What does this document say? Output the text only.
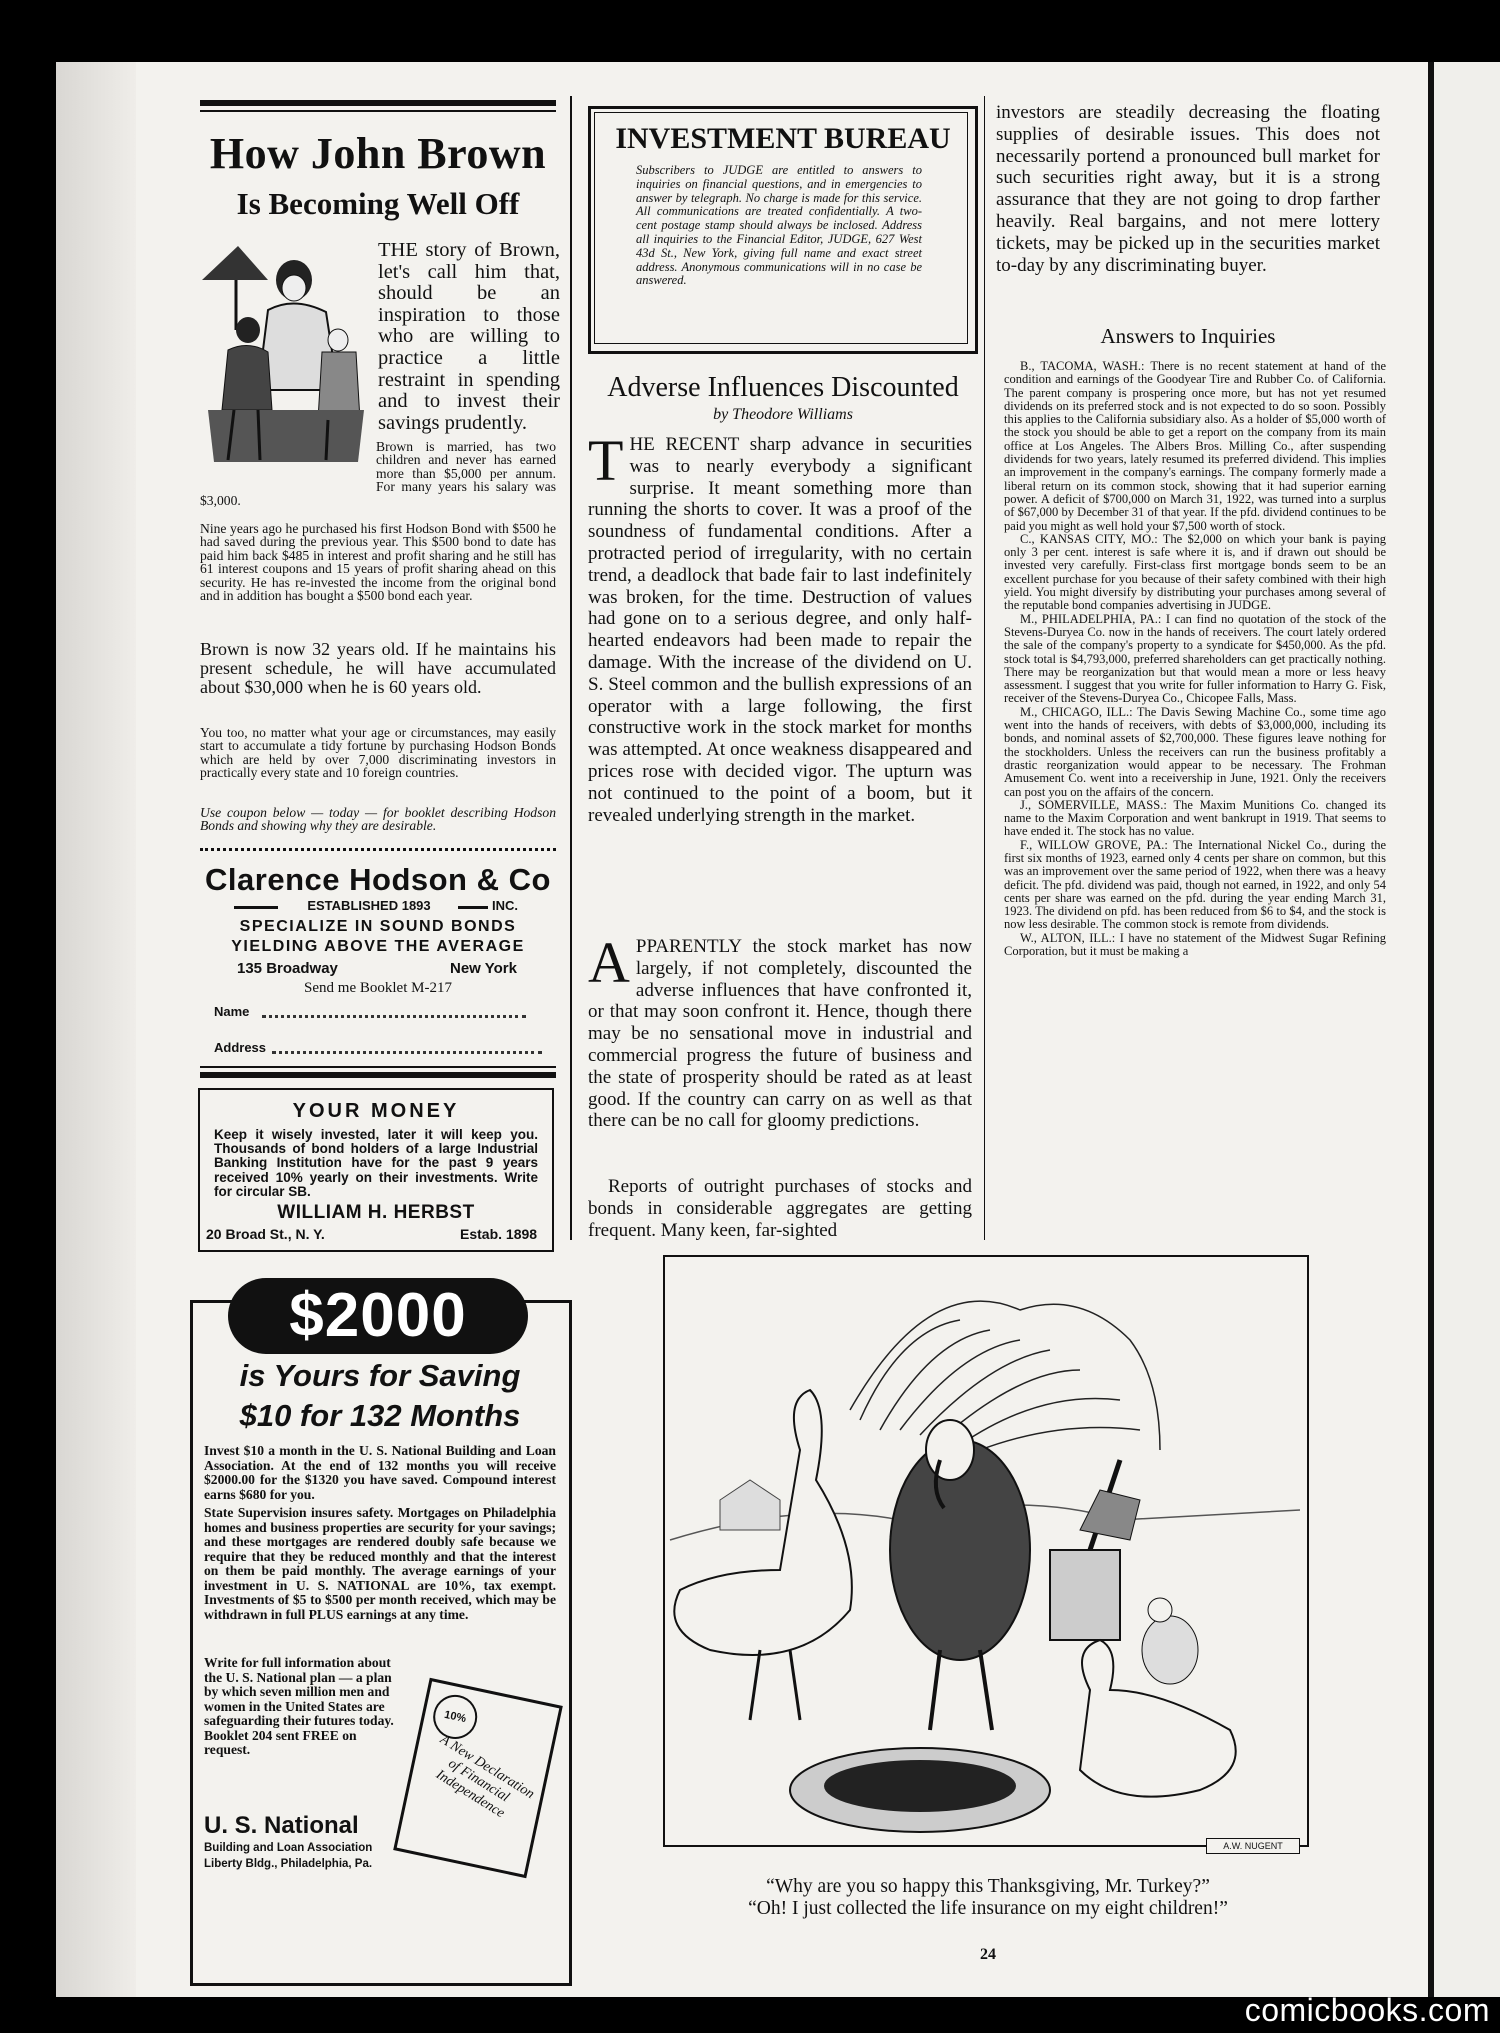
How John Brown
Is Becoming Well Off
THE story of Brown, let's call him that, should be an inspiration to those who are willing to practice a little restraint in spending and to invest their savings prudently.
Brown is married, has two children and never has earned more than $5,000 per annum. For many years his salary was $3,000.
Nine years ago he purchased his first Hodson Bond with $500 he had saved during the previous year. This $500 bond to date has paid him back $485 in interest and profit sharing and he still has 61 interest coupons and 15 years of profit sharing ahead on this security. He has re-invested the income from the original bond and in addition has bought a $500 bond each year.
Brown is now 32 years old. If he maintains his present schedule, he will have accumulated about $30,000 when he is 60 years old.
You too, no matter what your age or circumstances, may easily start to accumulate a tidy fortune by purchasing Hodson Bonds which are held by over 7,000 discriminating investors in practically every state and 10 foreign countries.
Use coupon below — today — for booklet describing Hodson Bonds and showing why they are desirable.
Clarence Hodson & Co
ESTABLISHED 1893	INC.
SPECIALIZE IN SOUND BONDS
YIELDING ABOVE THE AVERAGE
135 Broadway	New York
Send me Booklet M-217
Name
Address
YOUR MONEY
Keep it wisely invested, later it will keep you. Thousands of bond holders of a large Industrial Banking Institution have for the past 9 years received 10% yearly on their investments. Write for circular SB.
WILLIAM H. HERBST
20 Broad St., N. Y.	Estab. 1898
$2000
is Yours for Saving
$10 for 132 Months
Invest $10 a month in the U. S. National Building and Loan Association. At the end of 132 months you will receive $2000.00 for the $1320 you have saved. Compound interest earns $680 for you.
State Supervision insures safety. Mortgages on Philadelphia homes and business properties are security for your savings; and these mortgages are rendered doubly safe because we require that they be reduced monthly and that the interest on them be paid monthly. The average earnings of your investment in U. S. NATIONAL are 10%, tax exempt. Investments of $5 to $500 per month received, which may be withdrawn in full PLUS earnings at any time.
Write for full information about the U. S. National plan — a plan by which seven million men and women in the United States are safeguarding their futures today. Booklet 204 sent FREE on request.
U. S. National
Building and Loan Association
Liberty Bldg., Philadelphia, Pa.
10%
A New Declaration of Financial Independence
INVESTMENT BUREAU
Subscribers to JUDGE are entitled to answers to inquiries on financial questions, and in emergencies to answer by telegraph. No charge is made for this service. All communications are treated confidentially. A two-cent postage stamp should always be inclosed. Address all inquiries to the Financial Editor, JUDGE, 627 West 43d St., New York, giving full name and exact street address. Anonymous communications will in no case be answered.
Adverse Influences Discounted
by Theodore Williams
THE RECENT sharp advance in securities was to nearly everybody a significant surprise. It meant something more than running the shorts to cover. It was a proof of the soundness of fundamental conditions. After a protracted period of irregularity, with no certain trend, a deadlock that bade fair to last indefinitely was broken, for the time. Destruction of values had gone on to a serious degree, and only half-hearted endeavors had been made to repair the damage. With the increase of the dividend on U. S. Steel common and the bullish expressions of an operator with a large following, the first constructive work in the stock market for months was attempted. At once weakness disappeared and prices rose with decided vigor. The upturn was not continued to the point of a boom, but it revealed underlying strength in the market.
APPARENTLY the stock market has now largely, if not completely, discounted the adverse influences that have confronted it, or that may soon confront it. Hence, though there may be no sensational move in industrial and commercial progress the future of business and the state of prosperity should be rated as at least good. If the country can carry on as well as that there can be no call for gloomy predictions.
Reports of outright purchases of stocks and bonds in considerable aggregates are getting frequent. Many keen, far-sighted
investors are steadily decreasing the floating supplies of desirable issues. This does not necessarily portend a pronounced bull market for such securities right away, but it is a strong assurance that they are not going to drop farther heavily. Real bargains, and not mere lottery tickets, may be picked up in the securities market to-day by any discriminating buyer.
Answers to Inquiries

B., TACOMA, WASH.: There is no recent statement at hand of the condition and earnings of the Goodyear Tire and Rubber Co. of California. The parent company is prospering once more, but has not yet resumed dividends on its preferred stock and is not expected to do so soon. Possibly this applies to the California subsidiary also. As a holder of $5,000 worth of the stock you should be able to get a report on the company from its main office at Los Angeles. The Albers Bros. Milling Co., after suspending dividends for two years, lately resumed its preferred dividend. This implies an improvement in the company's earnings. The company formerly made a liberal return on its common stock, showing that it had superior earning power. A deficit of $700,000 on March 31, 1922, was turned into a surplus of $67,000 by December 31 of that year. If the pfd. dividend continues to be paid you might as well hold your $7,500 worth of stock.

C., KANSAS CITY, MO.: The $2,000 on which your bank is paying only 3 per cent. interest is safe where it is, and if drawn out should be invested very carefully. First-class first mortgage bonds seem to be an excellent purchase for you because of their safety combined with their high yield. You might diversify by distributing your purchases among several of the reputable bond companies advertising in JUDGE.

M., PHILADELPHIA, PA.: I can find no quotation of the stock of the Stevens-Duryea Co. now in the hands of receivers. The court lately ordered the sale of the company's property to a syndicate for $450,000. As the pfd. stock total is $4,793,000, preferred shareholders can get practically nothing. There may be reorganization but that would mean a more or less heavy assessment. I suggest that you write for fuller information to Harry G. Fisk, receiver of the Stevens-Duryea Co., Chicopee Falls, Mass.

M., CHICAGO, ILL.: The Davis Sewing Machine Co., some time ago went into the hands of receivers, with debts of $3,000,000, including its bonds, and nominal assets of $2,700,000. These figures leave nothing for the stockholders. Unless the receivers can run the business profitably a drastic reorganization would appear to be necessary. The Frohman Amusement Co. went into a receivership in June, 1921. Only the receivers can post you on the affairs of the concern.

J., SOMERVILLE, MASS.: The Maxim Munitions Co. changed its name to the Maxim Corporation and went bankrupt in 1919. That seems to have ended it. The stock has no value.

F., WILLOW GROVE, PA.: The International Nickel Co., during the first six months of 1923, earned only 4 cents per share on common, but this was an improvement over the same period of 1922, when there was a heavy deficit. The pfd. dividend was paid, though not earned, in 1922, and only 54 cents per share was earned on the pfd. during the year ending March 31, 1923. The dividend on pfd. has been reduced from $6 to $4, and the stock is now less desirable. The common stock is remote from dividends.

W., ALTON, ILL.: I have no statement of the Midwest Sugar Refining Corporation, but it must be making a

A.W. NUGENT
“Why are you so happy this Thanksgiving, Mr. Turkey?”
“Oh! I just collected the life insurance on my eight children!”
24
comicbooks.com
